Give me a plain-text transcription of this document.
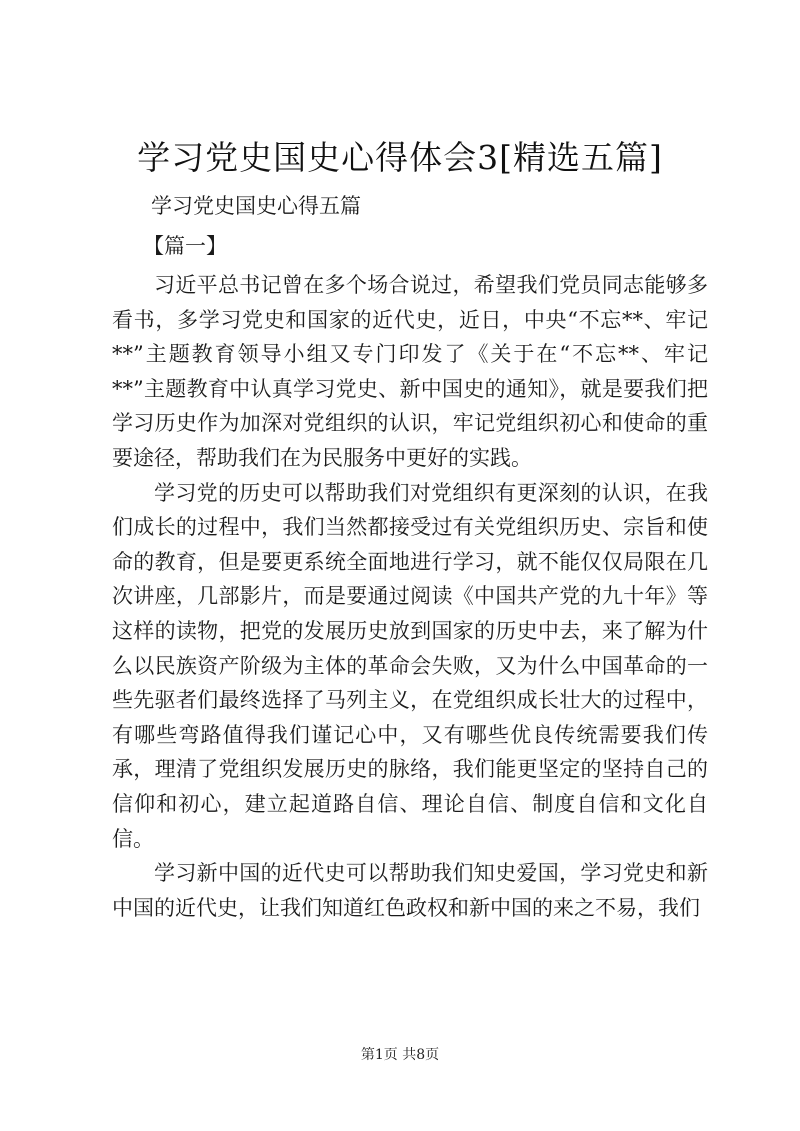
学习党史国史心得体会3[精选五篇]
学习党史国史心得五篇
【篇一】

习近平总书记曾在多个场合说过，希望我们党员同志能够多看书，多学习党史和国家的近代史，近日，中央“不忘**、牢记**”主题教育领导小组又专门印发了《关于在“不忘**、牢记**”主题教育中认真学习党史、新中国史的通知》，就是要我们把学习历史作为加深对党组织的认识，牢记党组织初心和使命的重要途径，帮助我们在为民服务中更好的实践。

学习党的历史可以帮助我们对党组织有更深刻的认识，在我们成长的过程中，我们当然都接受过有关党组织历史、宗旨和使命的教育，但是要更系统全面地进行学习，就不能仅仅局限在几次讲座，几部影片，而是要通过阅读《中国共产党的九十年》等这样的读物，把党的发展历史放到国家的历史中去，来了解为什么以民族资产阶级为主体的革命会失败，又为什么中国革命的一些先驱者们最终选择了马列主义，在党组织成长壮大的过程中，有哪些弯路值得我们谨记心中，又有哪些优良传统需要我们传承，理清了党组织发展历史的脉络，我们能更坚定的坚持自己的信仰和初心，建立起道路自信、理论自信、制度自信和文化自信。

学习新中国的近代史可以帮助我们知史爱国，学习党史和新中国的近代史，让我们知道红色政权和新中国的来之不易，我们

第1页 共8页
